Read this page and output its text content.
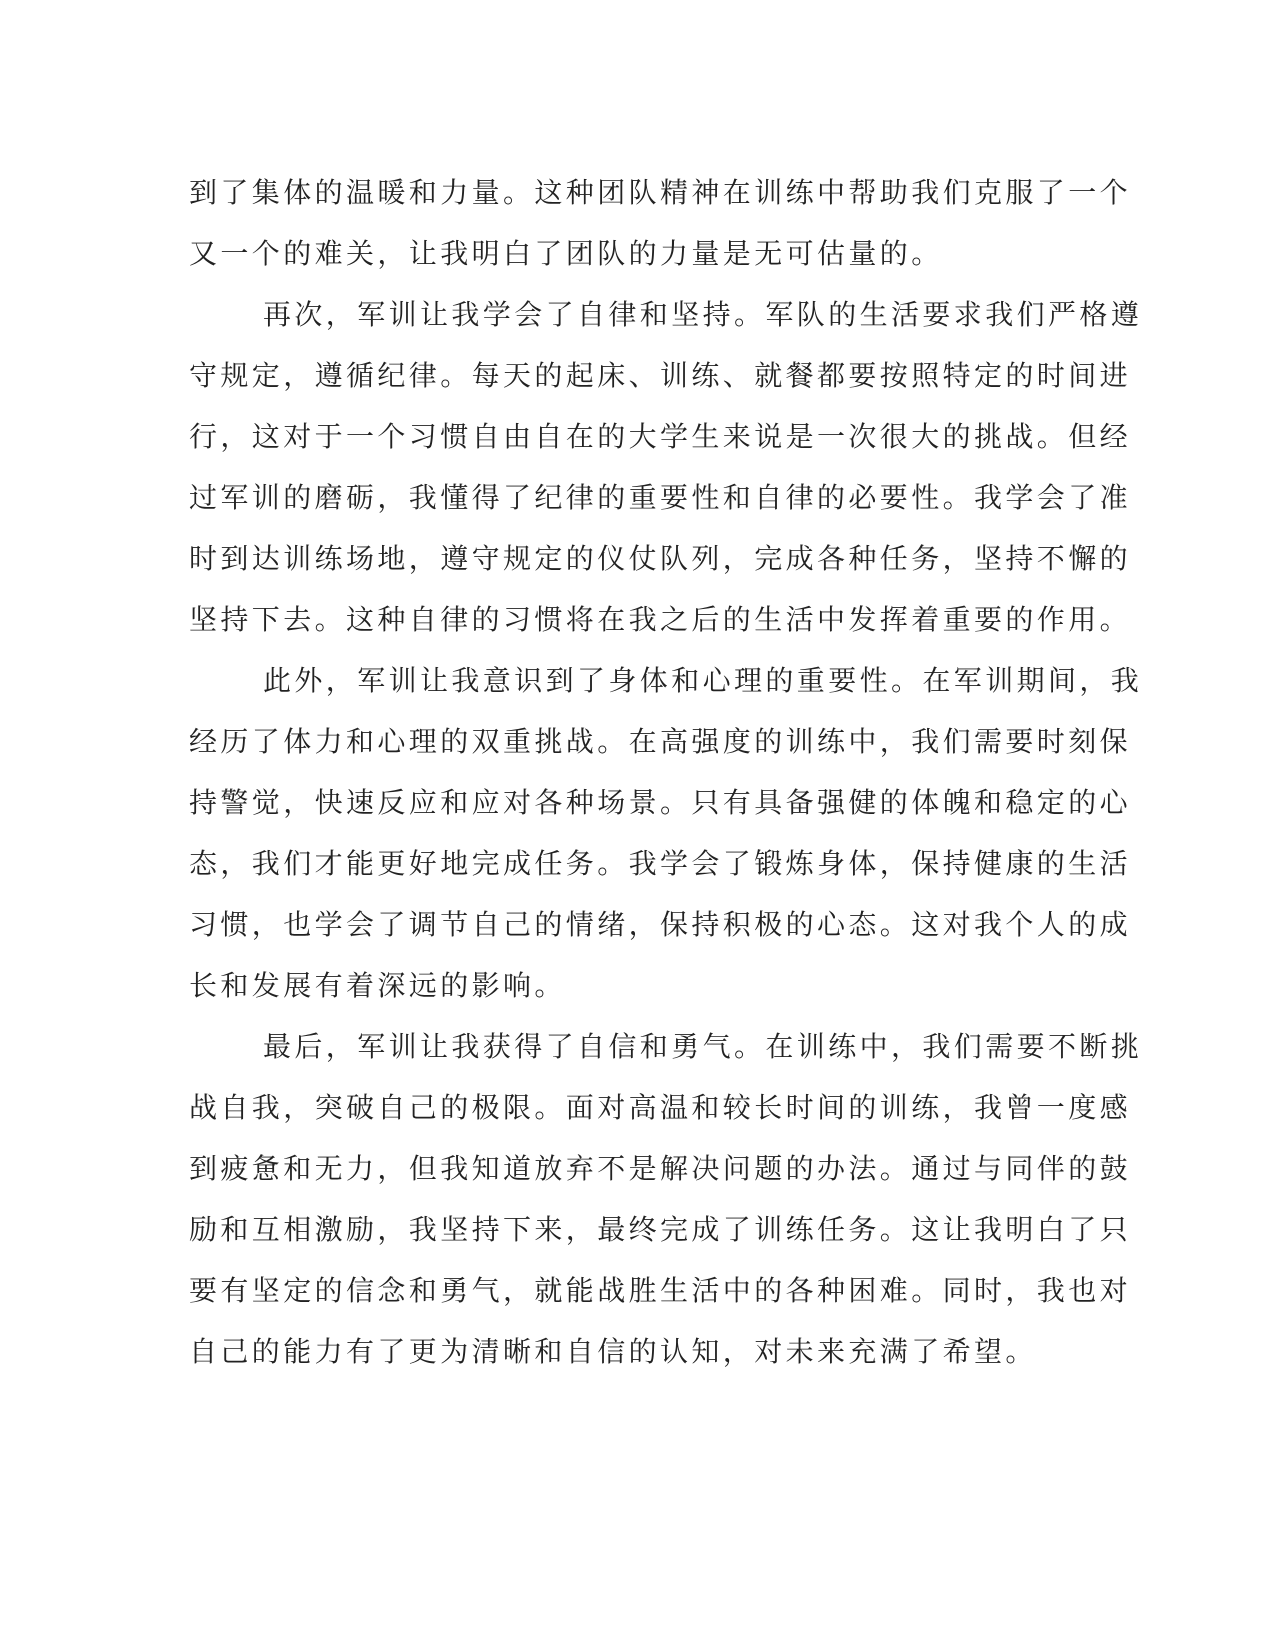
到了集体的温暖和力量。这种团队精神在训练中帮助我们克服了一个
又一个的难关，让我明白了团队的力量是无可估量的。
再次，军训让我学会了自律和坚持。军队的生活要求我们严格遵
守规定，遵循纪律。每天的起床、训练、就餐都要按照特定的时间进
行，这对于一个习惯自由自在的大学生来说是一次很大的挑战。但经
过军训的磨砺，我懂得了纪律的重要性和自律的必要性。我学会了准
时到达训练场地，遵守规定的仪仗队列，完成各种任务，坚持不懈的
坚持下去。这种自律的习惯将在我之后的生活中发挥着重要的作用。
此外，军训让我意识到了身体和心理的重要性。在军训期间，我
经历了体力和心理的双重挑战。在高强度的训练中，我们需要时刻保
持警觉，快速反应和应对各种场景。只有具备强健的体魄和稳定的心
态，我们才能更好地完成任务。我学会了锻炼身体，保持健康的生活
习惯，也学会了调节自己的情绪，保持积极的心态。这对我个人的成
长和发展有着深远的影响。
最后，军训让我获得了自信和勇气。在训练中，我们需要不断挑
战自我，突破自己的极限。面对高温和较长时间的训练，我曾一度感
到疲惫和无力，但我知道放弃不是解决问题的办法。通过与同伴的鼓
励和互相激励，我坚持下来，最终完成了训练任务。这让我明白了只
要有坚定的信念和勇气，就能战胜生活中的各种困难。同时，我也对
自己的能力有了更为清晰和自信的认知，对未来充满了希望。
